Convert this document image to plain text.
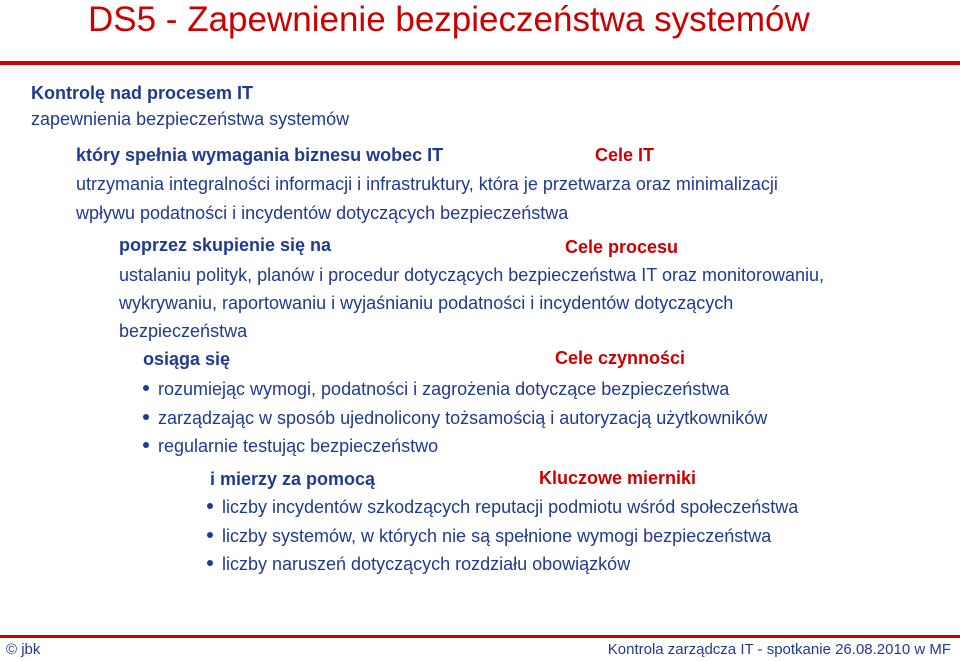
DS5 - Zapewnienie bezpieczeństwa systemów
Kontrolę nad procesem IT
zapewnienia bezpieczeństwa systemów
który spełnia wymagania biznesu wobec IT	Cele IT
utrzymania integralności informacji i infrastruktury, która je przetwarza oraz minimalizacji
wpływu podatności i incydentów dotyczących bezpieczeństwa
poprzez skupienie się na	Cele procesu
ustalaniu polityk, planów i procedur dotyczących bezpieczeństwa IT oraz monitorowaniu,
wykrywaniu, raportowaniu i wyjaśnianiu podatności i incydentów dotyczących
bezpieczeństwa
osiąga się	Cele czynności
rozumiejąc wymogi, podatności i zagrożenia dotyczące bezpieczeństwa
zarządzając w sposób ujednolicony tożsamością i autoryzacją użytkowników
regularnie testując bezpieczeństwo
i mierzy za pomocą	Kluczowe mierniki
liczby incydentów szkodzących reputacji podmiotu wśród społeczeństwa
liczby systemów, w których nie są spełnione wymogi bezpieczeństwa
liczby naruszeń dotyczących rozdziału obowiązków
© jbk	Kontrola zarządcza IT - spotkanie 26.08.2010 w MF
